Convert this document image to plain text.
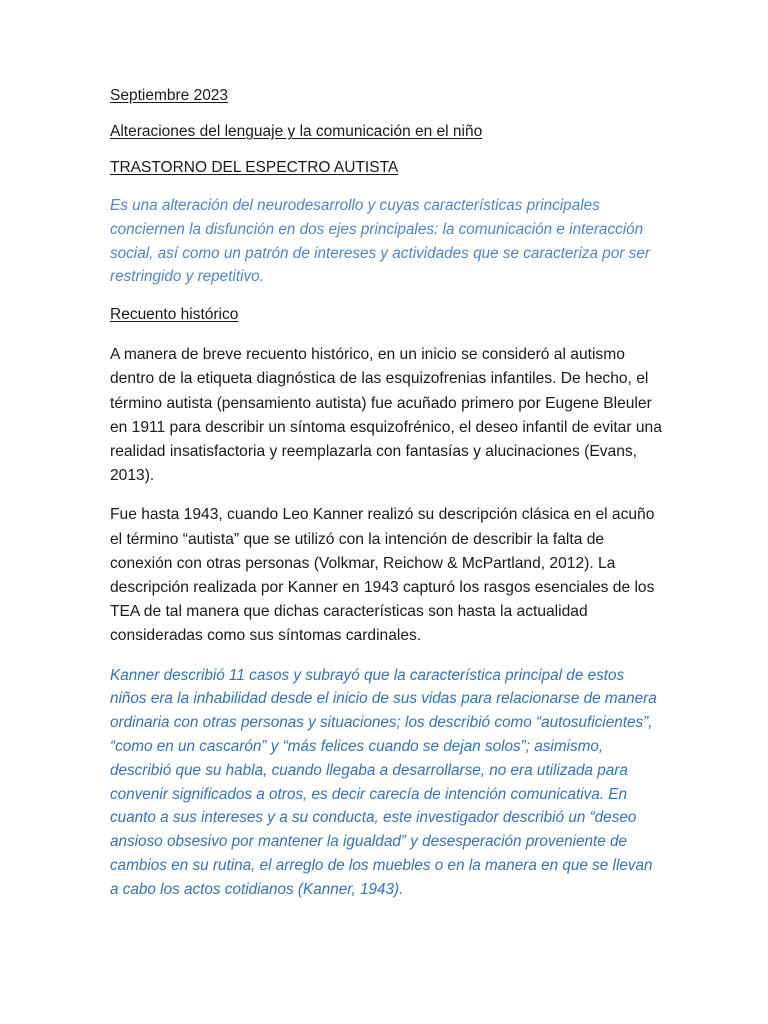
Septiembre 2023

Alteraciones del lenguaje y la comunicación en el niño

TRASTORNO DEL ESPECTRO AUTISTA

Es una alteración del neurodesarrollo y cuyas características principales conciernen la disfunción en dos ejes principales: la comunicación e interacción social, así como un patrón de intereses y actividades que se caracteriza por ser restringido y repetitivo.

Recuento histórico

A manera de breve recuento histórico, en un inicio se consideró al autismo dentro de la etiqueta diagnóstica de las esquizofrenias infantiles. De hecho, el término autista (pensamiento autista) fue acuñado primero por Eugene Bleuler en 1911 para describir un síntoma esquizofrénico, el deseo infantil de evitar una realidad insatisfactoria y reemplazarla con fantasías y alucinaciones (Evans, 2013).

Fue hasta 1943, cuando Leo Kanner realizó su descripción clásica en el acuño el término “autista” que se utilizó con la intención de describir la falta de conexión con otras personas (Volkmar, Reichow & McPartland, 2012). La descripción realizada por Kanner en 1943 capturó los rasgos esenciales de los TEA de tal manera que dichas características son hasta la actualidad consideradas como sus síntomas cardinales.

Kanner describió 11 casos y subrayó que la característica principal de estos niños era la inhabilidad desde el inicio de sus vidas para relacionarse de manera ordinaria con otras personas y situaciones; los describió como “autosuficientes”, “como en un cascarón” y “más felices cuando se dejan solos”; asimismo, describió que su habla, cuando llegaba a desarrollarse, no era utilizada para convenir significados a otros, es decir carecía de intención comunicativa. En cuanto a sus intereses y a su conducta, este investigador describió un “deseo ansioso obsesivo por mantener la igualdad” y desesperación proveniente de cambios en su rutina, el arreglo de los muebles o en la manera en que se llevan a cabo los actos cotidianos (Kanner, 1943).
